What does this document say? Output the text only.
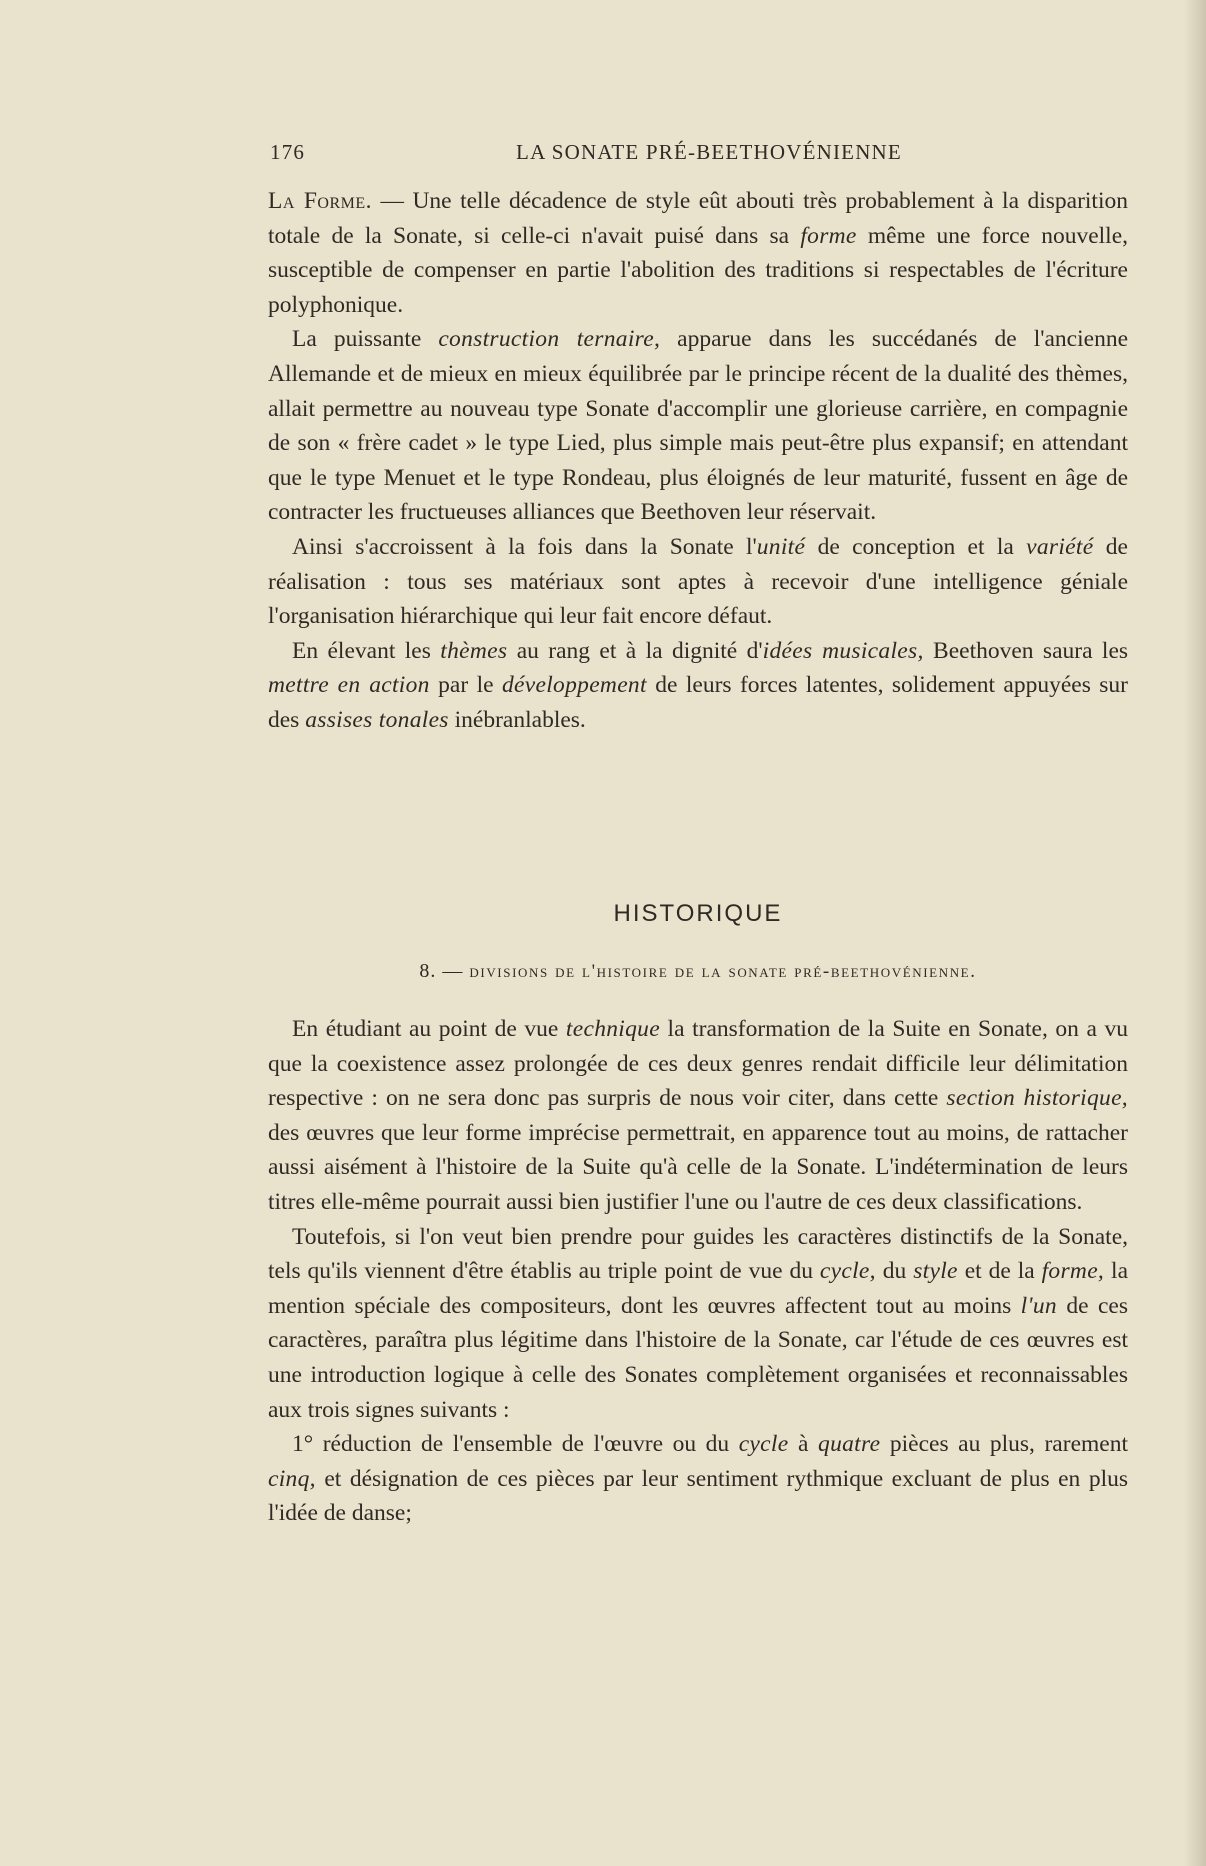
176	LA SONATE PRÉ-BEETHOVÉNIENNE

La Forme. — Une telle décadence de style eût abouti très probablement à la disparition totale de la Sonate, si celle-ci n'avait puisé dans sa forme même une force nouvelle, susceptible de compenser en partie l'abolition des traditions si respectables de l'écriture polyphonique.

La puissante construction ternaire, apparue dans les succédanés de l'ancienne Allemande et de mieux en mieux équilibrée par le principe récent de la dualité des thèmes, allait permettre au nouveau type Sonate d'accomplir une glorieuse carrière, en compagnie de son « frère cadet » le type Lied, plus simple mais peut-être plus expansif; en attendant que le type Menuet et le type Rondeau, plus éloignés de leur maturité, fussent en âge de contracter les fructueuses alliances que Beethoven leur réservait.

Ainsi s'accroissent à la fois dans la Sonate l'unité de conception et la variété de réalisation : tous ses matériaux sont aptes à recevoir d'une intelligence géniale l'organisation hiérarchique qui leur fait encore défaut.

En élevant les thèmes au rang et à la dignité d'idées musicales, Beethoven saura les mettre en action par le développement de leurs forces latentes, solidement appuyées sur des assises tonales inébranlables.

HISTORIQUE
8. — divisions de l'histoire de la sonate pré-beethovénienne.

En étudiant au point de vue technique la transformation de la Suite en Sonate, on a vu que la coexistence assez prolongée de ces deux genres rendait difficile leur délimitation respective : on ne sera donc pas surpris de nous voir citer, dans cette section historique, des œuvres que leur forme imprécise permettrait, en apparence tout au moins, de rattacher aussi aisément à l'histoire de la Suite qu'à celle de la Sonate. L'indétermination de leurs titres elle-même pourrait aussi bien justifier l'une ou l'autre de ces deux classifications.

Toutefois, si l'on veut bien prendre pour guides les caractères distinctifs de la Sonate, tels qu'ils viennent d'être établis au triple point de vue du cycle, du style et de la forme, la mention spéciale des compositeurs, dont les œuvres affectent tout au moins l'un de ces caractères, paraîtra plus légitime dans l'histoire de la Sonate, car l'étude de ces œuvres est une introduction logique à celle des Sonates complètement organisées et reconnaissables aux trois signes suivants :

1° réduction de l'ensemble de l'œuvre ou du cycle à quatre pièces au plus, rarement cinq, et désignation de ces pièces par leur sentiment rythmique excluant de plus en plus l'idée de danse;
